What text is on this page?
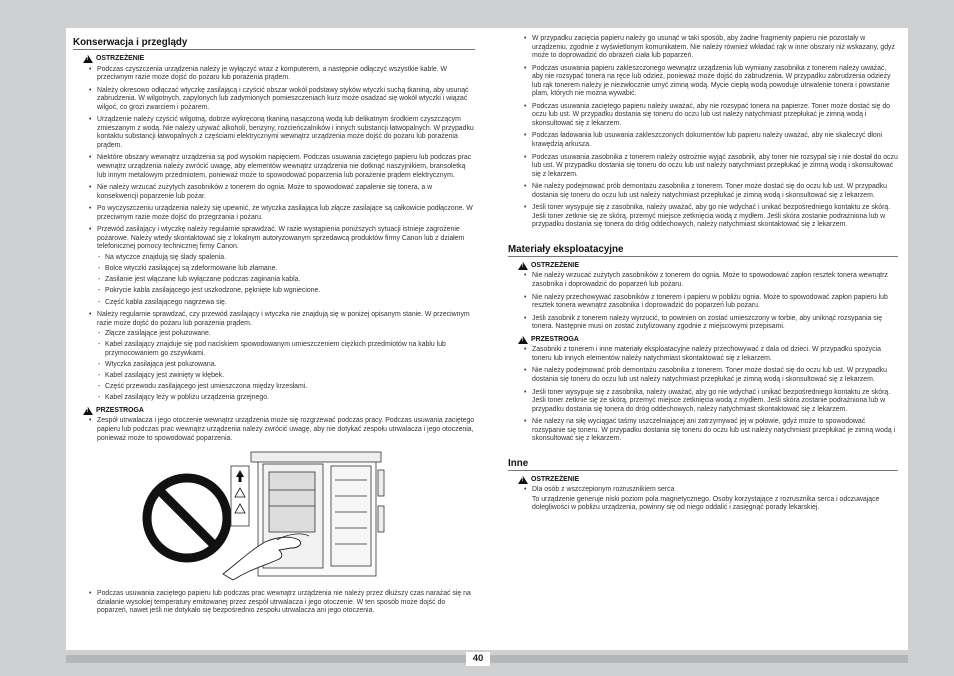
40
Konserwacja i przeglądy
!
OSTRZEŻENIE
• Podczas czyszczenia urządzenia należy je wyłączyć wraz z komputerem, a następnie odłączyć wszystkie kable. W przeciwnym razie może dojść do pożaru lub porażenia prądem.
• Należy okresowo odłączać wtyczkę zasilającą i czyścić obszar wokół podstawy styków wtyczki suchą tkaniną, aby usunąć zabrudzenia. W wilgotnych, zapylonych lub zadymionych pomieszczeniach kurz może osadzać się wokół wtyczki i wiązać wilgoć, co grozi zwarciem i pożarem.
• Urządzenie należy czyścić wilgotną, dobrze wykręconą tkaniną nasączoną wodą lub delikatnym środkiem czyszczącym zmieszanym z wodą. Nie należy używać alkoholi, benzyny, rozcieńczalników i innych substancji łatwopalnych. W przypadku kontaktu substancji łatwopalnych z częściami elektrycznymi wewnątrz urządzenia może dojść do pożaru lub porażenia prądem.
• Niektóre obszary wewnątrz urządzenia są pod wysokim napięciem. Podczas usuwania zaciętego papieru lub podczas prac wewnątrz urządzenia należy zwrócić uwagę, aby elementów wewnątrz urządzenia nie dotknąć naszyjnikiem, bransoletką lub innym metalowym przedmiotem, ponieważ może to spowodować poparzenia lub porażenie prądem elektrycznym.
• Nie należy wrzucać zużytych zasobników z tonerem do ognia. Może to spowodować zapalenie się tonera, a w konsekwencji poparzenie lub pożar.
• Po wyczyszczeniu urządzenia należy się upewnić, że wtyczka zasilająca lub złącze zasilające są całkowicie podłączone. W przeciwnym razie może dojść do przegrzania i pożaru.
• Przewód zasilający i wtyczkę należy regularnie sprawdzać. W razie wystąpienia poniższych sytuacji istnieje zagrożenie pożarowe. Należy wtedy skontaktować się z lokalnym autoryzowanym sprzedawcą produktów firmy Canon lub z działem telefonicznej pomocy technicznej firmy Canon.
- Na wtyczce znajdują się ślady spalenia.
- Bolce wtyczki zasilającej są zdeformowane lub złamane.
- Zasilanie jest włączane lub wyłączane podczas zaginania kabla.
- Pokrycie kabla zasilającego jest uszkodzone, pęknięte lub wgniecione.
- Część kabla zasilającego nagrzewa się.
• Należy regularnie sprawdzać, czy przewód zasilający i wtyczka nie znajdują się w poniżej opisanym stanie. W przeciwnym razie może dojść do pożaru lub porażenia prądem.
- Złącze zasilające jest poluzowane.
- Kabel zasilający znajduje się pod naciskiem spowodowanym umieszczeniem ciężkich przedmiotów na kablu lub przymocowaniem go zszywkami.
- Wtyczka zasilająca jest poluzowana.
- Kabel zasilający jest zwinięty w kłębek.
- Część przewodu zasilającego jest umieszczona między krzesłami.
- Kabel zasilający leży w pobliżu urządzenia grzejnego.
!
PRZESTROGA
• Zespół utrwalacza i jego otoczenie wewnątrz urządzenia może się rozgrzewać podczas pracy. Podczas usuwania zaciętego papieru lub podczas prac wewnątrz urządzenia należy zwrócić uwagę, aby nie dotykać zespołu utrwalacza i jego otoczenia, ponieważ może to spowodować poparzenia.
• Podczas usuwania zaciętego papieru lub podczas prac wewnątrz urządzenia nie należy przez dłuższy czas narażać się na działanie wysokiej temperatury emitowanej przez zespół utrwalacza i jego otoczenie. W ten sposób może dojść do poparzeń, nawet jeśli nie dotykało się bezpośrednio zespołu utrwalacza ani jego otoczenia.
• W przypadku zacięcia papieru należy go usunąć w taki sposób, aby żadne fragmenty papieru nie pozostały w urządzeniu, zgodnie z wyświetlonym komunikatem. Nie należy również wkładać rąk w inne obszary niż wskazany, gdyż może to doprowadzić do obrażeń ciała lub poparzeń.
• Podczas usuwania papieru zakleszczonego wewnątrz urządzenia lub wymiany zasobnika z tonerem należy uważać, aby nie rozsypać tonera na ręce lub odzież, ponieważ może dojść do zabrudzenia. W przypadku zabrudzenia odzieży lub rąk tonerem należy je niezwłocznie umyć zimną wodą. Mycie ciepłą wodą powoduje utrwalenie tonera i powstanie plam, których nie można wywabić.
• Podczas usuwania zaciętego papieru należy uważać, aby nie rozsypać tonera na papierze. Toner może dostać się do oczu lub ust. W przypadku dostania się toneru do oczu lub ust należy natychmiast przepłukać je zimną wodą i skonsultować się z lekarzem.
• Podczas ładowania lub usuwania zakleszczonych dokumentów lub papieru należy uważać, aby nie skaleczyć dłoni krawędzią arkusza.
• Podczas usuwania zasobnika z tonerem należy ostrożnie wyjąć zasobnik, aby toner nie rozsypał się i nie dostał do oczu lub ust. W przypadku dostania się toneru do oczu lub ust należy natychmiast przepłukać je zimną wodą i skonsultować się z lekarzem.
• Nie należy podejmować prób demontażu zasobnika z tonerem. Toner może dostać się do oczu lub ust. W przypadku dostania się toneru do oczu lub ust należy natychmiast przepłukać je zimną wodą i skonsultować się z lekarzem.
• Jeśli toner wysypuje się z zasobnika, należy uważać, aby go nie wdychać i unikać bezpośredniego kontaktu ze skórą. Jeśli toner zetknie się ze skórą, przemyć miejsce zetknięcia wodą z mydłem. Jeśli skóra zostanie podrażniona lub w przypadku dostania się tonera do dróg oddechowych, należy natychmiast skontaktować się z lekarzem.
Materiały eksploatacyjne
!
OSTRZEŻENIE
• Nie należy wrzucać zużytych zasobników z tonerem do ognia. Może to spowodować zapłon resztek tonera wewnątrz zasobnika i doprowadzić do poparzeń lub pożaru.
• Nie należy przechowywać zasobników z tonerem i papieru w pobliżu ognia. Może to spowodować zapłon papieru lub resztek tonera wewnątrz zasobnika i doprowadzić do poparzeń lub pożaru.
• Jeśli zasobnik z tonerem należy wyrzucić, to powinien on zostać umieszczony w torbie, aby uniknąć rozsypania się tonera. Następnie musi on zostać zutylizowany zgodnie z miejscowymi przepisami.
!
PRZESTROGA
• Zasobniki z tonerem i inne materiały eksploatacyjne należy przechowywać z dala od dzieci. W przypadku spożycia toneru lub innych elementów należy natychmiast skontaktować się z lekarzem.
• Nie należy podejmować prób demontażu zasobnika z tonerem. Toner może dostać się do oczu lub ust. W przypadku dostania się toneru do oczu lub ust należy natychmiast przepłukać je zimną wodą i skonsultować się z lekarzem.
• Jeśli toner wysypuje się z zasobnika, należy uważać, aby go nie wdychać i unikać bezpośredniego kontaktu ze skórą. Jeśli toner zetknie się ze skórą, przemyć miejsce zetknięcia wodą z mydłem. Jeśli skóra zostanie podrażniona lub w przypadku dostania się tonera do dróg oddechowych, należy natychmiast skontaktować się z lekarzem.
• Nie należy na siłę wyciągać taśmy uszczelniającej ani zatrzymywać jej w połowie, gdyż może to spowodować rozsypanie się toneru. W przypadku dostania się toneru do oczu lub ust należy natychmiast przepłukać je zimną wodą i skonsultować się z lekarzem.
Inne
!
OSTRZEŻENIE
• Dla osób z wszczepionym rozrusznikiem serca
To urządzenie generuje niski poziom pola magnetycznego. Osoby korzystające z rozrusznika serca i odczuwające dolegliwości w pobliżu urządzenia, powinny się od niego oddalić i zasięgnąć porady lekarskiej.
